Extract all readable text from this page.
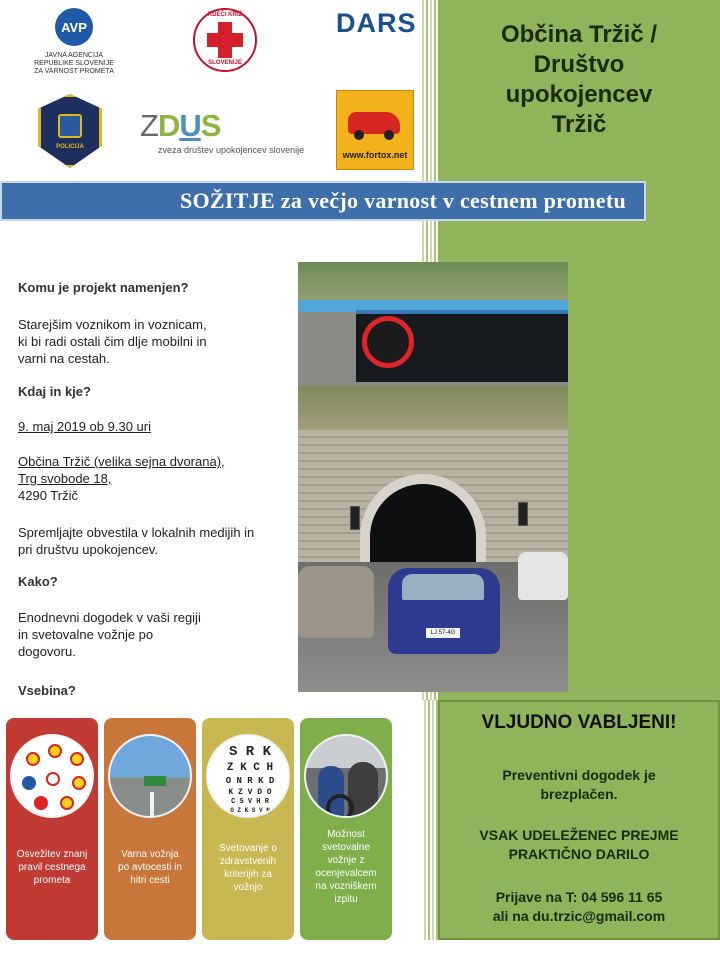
Občina Tržič /
Društvo
upokojencev
Tržič
AVP
JAVNA AGENCIJA
REPUBLIKE SLOVENIJE
ZA VARNOST PROMETA
RDEČI KRIŽ
SLOVENIJE
DARS
POLICIJA
ZDUS
zveza društev upokojencev slovenije	www.fortox.net
SOŽITJE za večjo varnost v cestnem prometu
Komu je projekt namenjen?
Starejšim voznikom in voznicam,
ki bi radi ostali čim dlje mobilni in
varni na cestah.
Kdaj in kje?
9. maj 2019 ob 9.30 uri
Občina Tržič (velika sejna dvorana),
Trg svobode 18,
4290 Tržič
Spremljajte obvestila v lokalnih medijih in
pri društvu upokojencev.
Kako?
Enodnevni dogodek v vaši regiji
in svetovalne vožnje po
dogovoru.
Vsebina?
LJ 57-4G
Osvežitev znanj
pravil cestnega
prometa
Varna vožnja
po avtocesti in
hitri cesti
S R K
Z K C H
O N R K D
K Z V D O
C S V H R
O Z K S V N
Svetovanje o
zdravstvenih
kriterijih za
vožnjo
Možnost
svetovalne
vožnje z
ocenjevalcem
na vozniškem
izpitu
VLJUDNO VABLJENI!
Preventivni dogodek je
brezplačen.
VSAK UDELEŽENEC PREJME
PRAKTIČNO DARILO
Prijave na T: 04 596 11 65
ali na du.trzic@gmail.com
